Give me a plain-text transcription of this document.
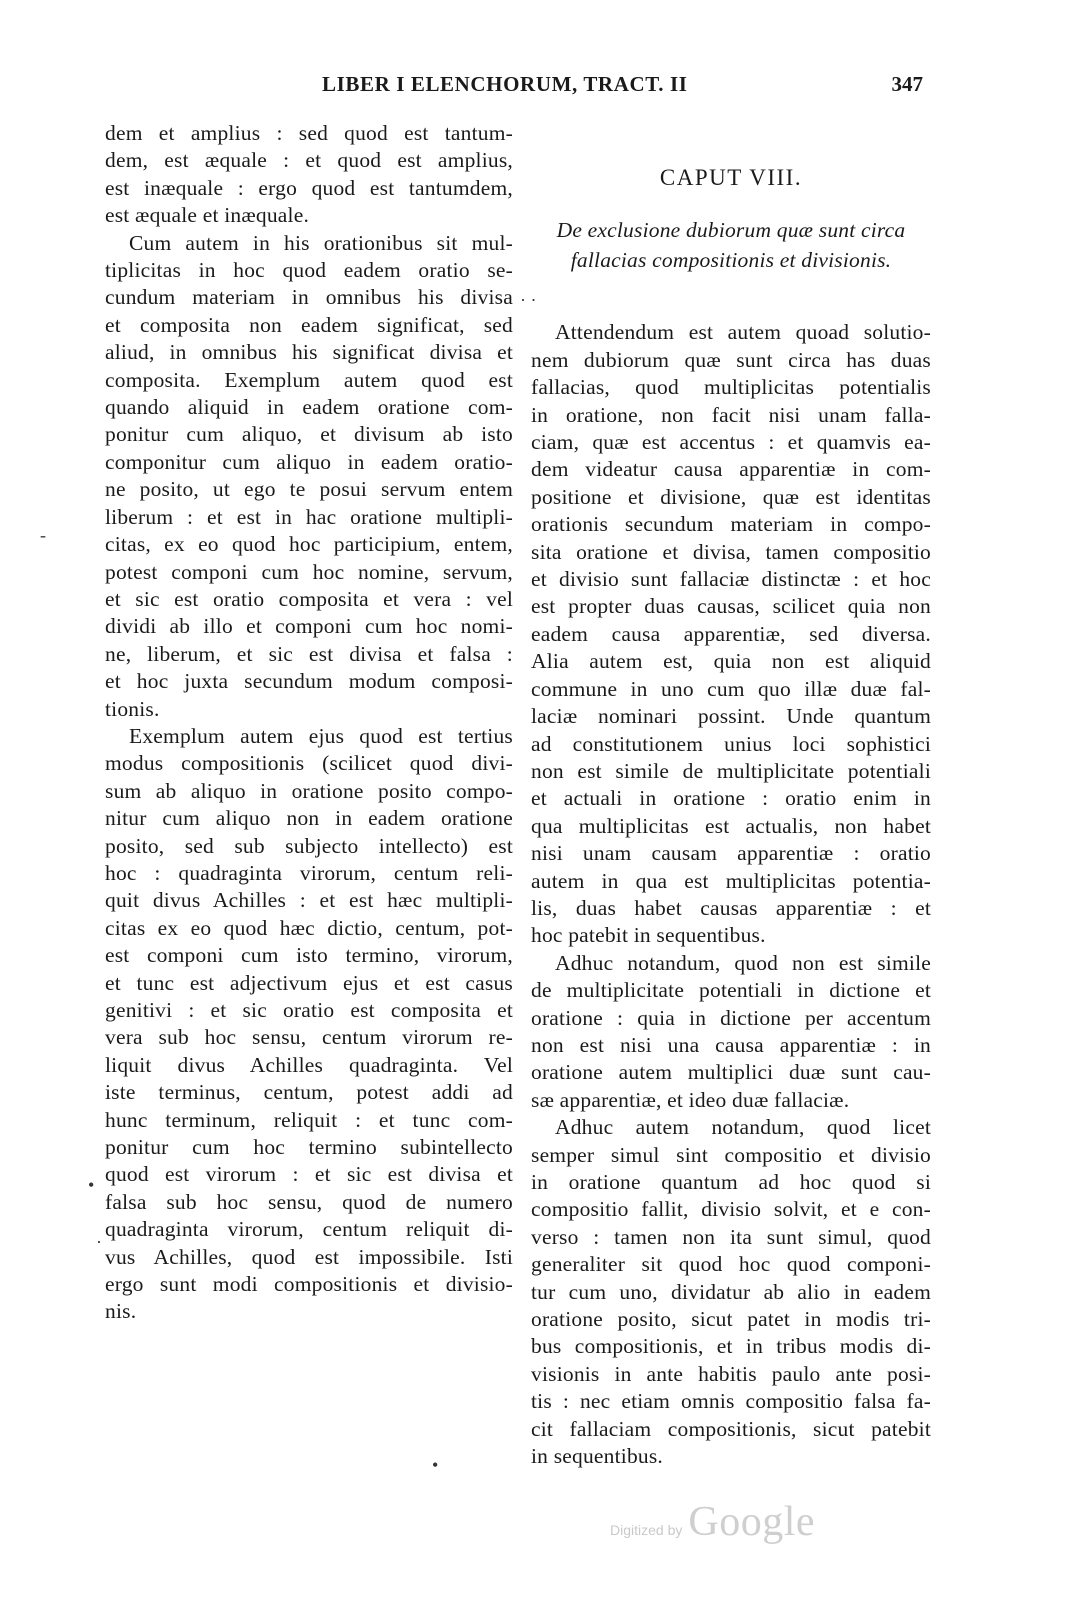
LIBER I ELENCHORUM, TRACT. II	347
dem et amplius : sed quod est tantum-
dem, est æquale : et quod est amplius,
est inæquale : ergo quod est tantumdem,
est æquale et inæquale.
Cum autem in his orationibus sit mul-
tiplicitas in hoc quod eadem oratio se-
cundum materiam in omnibus his divisa
et composita non eadem significat, sed
aliud, in omnibus his significat divisa et
composita. Exemplum autem quod est
quando aliquid in eadem oratione com-
ponitur cum aliquo, et divisum ab isto
componitur cum aliquo in eadem oratio-
ne posito, ut ego te posui servum entem
liberum : et est in hac oratione multipli-
citas, ex eo quod hoc participium, entem,
potest componi cum hoc nomine, servum,
et sic est oratio composita et vera : vel
dividi ab illo et componi cum hoc nomi-
ne, liberum, et sic est divisa et falsa :
et hoc juxta secundum modum composi-
tionis.
Exemplum autem ejus quod est tertius
modus compositionis (scilicet quod divi-
sum ab aliquo in oratione posito compo-
nitur cum aliquo non in eadem oratione
posito, sed sub subjecto intellecto) est
hoc : quadraginta virorum, centum reli-
quit divus Achilles : et est hæc multipli-
citas ex eo quod hæc dictio, centum, pot-
est componi cum isto termino, virorum,
et tunc est adjectivum ejus et est casus
genitivi : et sic oratio est composita et
vera sub hoc sensu, centum virorum re-
liquit divus Achilles quadraginta. Vel
iste terminus, centum, potest addi ad
hunc terminum, reliquit : et tunc com-
ponitur cum hoc termino subintellecto
quod est virorum : et sic est divisa et
falsa sub hoc sensu, quod de numero
quadraginta virorum, centum reliquit di-
vus Achilles, quod est impossibile. Isti
ergo sunt modi compositionis et divisio-
nis.
CAPUT VIII.
De exclusione dubiorum quæ sunt circa
fallacias compositionis et divisionis.
Attendendum est autem quoad solutio-
nem dubiorum quæ sunt circa has duas
fallacias, quod multiplicitas potentialis
in oratione, non facit nisi unam falla-
ciam, quæ est accentus : et quamvis ea-
dem videatur causa apparentiæ in com-
positione et divisione, quæ est identitas
orationis secundum materiam in compo-
sita oratione et divisa, tamen compositio
et divisio sunt fallaciæ distinctæ : et hoc
est propter duas causas, scilicet quia non
eadem causa apparentiæ, sed diversa.
Alia autem est, quia non est aliquid
commune in uno cum quo illæ duæ fal-
laciæ nominari possint. Unde quantum
ad constitutionem unius loci sophistici
non est simile de multiplicitate potentiali
et actuali in oratione : oratio enim in
qua multiplicitas est actualis, non habet
nisi unam causam apparentiæ : oratio
autem in qua est multiplicitas potentia-
lis, duas habet causas apparentiæ : et
hoc patebit in sequentibus.
Adhuc notandum, quod non est simile
de multiplicitate potentiali in dictione et
oratione : quia in dictione per accentum
non est nisi una causa apparentiæ : in
oratione autem multiplici duæ sunt cau-
sæ apparentiæ, et ideo duæ fallaciæ.
Adhuc autem notandum, quod licet
semper simul sint compositio et divisio
in oratione quantum ad hoc quod si
compositio fallit, divisio solvit, et e con-
verso : tamen non ita sunt simul, quod
generaliter sit quod hoc quod componi-
tur cum uno, dividatur ab alio in eadem
oratione posito, sicut patet in modis tri-
bus compositionis, et in tribus modis di-
visionis in ante habitis paulo ante posi-
tis : nec etiam omnis compositio falsa fa-
cit fallaciam compositionis, sicut patebit
in sequentibus.
· ·
-
•
·
•
Digitized by Google
